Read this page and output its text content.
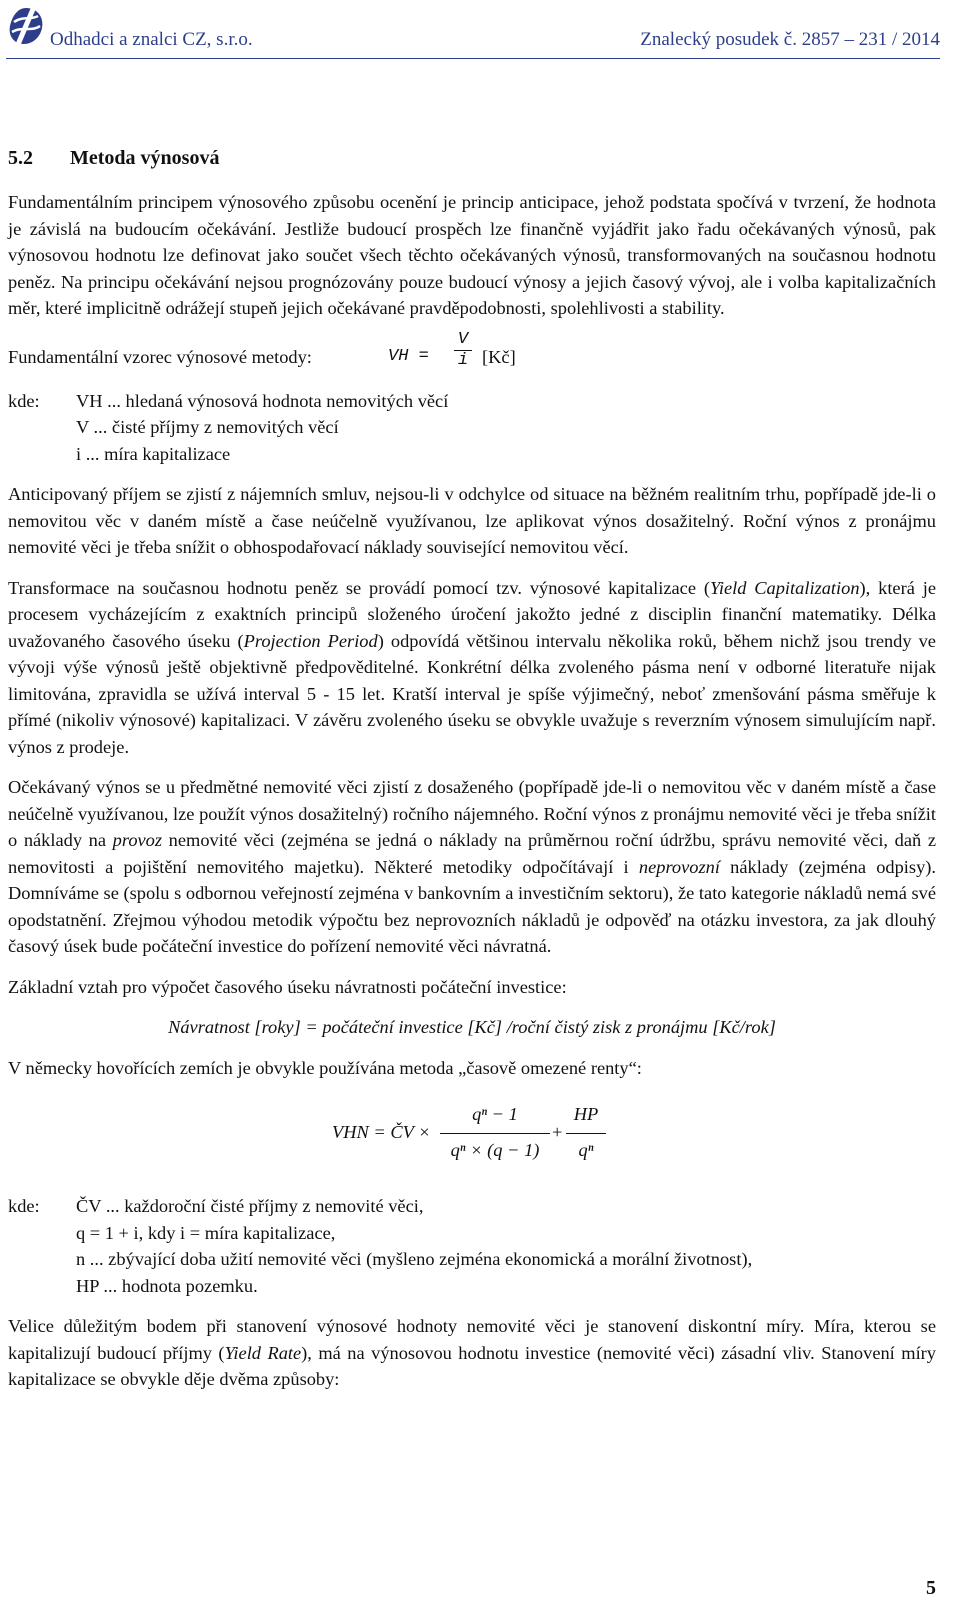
Odhadci a znalci CZ, s.r.o.	Znalecký posudek č. 2857 – 231 / 2014
5.2 Metoda výnosová

Fundamentálním principem výnosového způsobu ocenění je princip anticipace, jehož podstata spočívá v tvrzení, že hodnota je závislá na budoucím očekávání. Jestliže budoucí prospěch lze finančně vyjádřit jako řadu očekávaných výnosů, pak výnosovou hodnotu lze definovat jako součet všech těchto očekávaných výnosů, transformovaných na současnou hodnotu peněz. Na principu očekávání nejsou prognózovány pouze budoucí výnosy a jejich časový vývoj, ale i volba kapitalizačních měr, které implicitně odrážejí stupeň jejich očekávané pravděpodobnosti, spolehlivosti a stability.

Fundamentální vzorec výnosové metody:	VH =
V
i [Kč]
kde:	VH ... hledaná výnosová hodnota nemovitých věcí
V ... čisté příjmy z nemovitých věcí
i ... míra kapitalizace

Anticipovaný příjem se zjistí z nájemních smluv, nejsou-li v odchylce od situace na běžném realitním trhu, popřípadě jde-li o nemovitou věc v daném místě a čase neúčelně využívanou, lze aplikovat výnos dosažitelný. Roční výnos z pronájmu nemovité věci je třeba snížit o obhospodařovací náklady související nemovitou věcí.

Transformace na současnou hodnotu peněz se provádí pomocí tzv. výnosové kapitalizace (Yield Capitalization), která je procesem vycházejícím z exaktních principů složeného úročení jakožto jedné z disciplin finanční matematiky. Délka uvažovaného časového úseku (Projection Period) odpovídá většinou intervalu několika roků, během nichž jsou trendy ve vývoji výše výnosů ještě objektivně předpověditelné. Konkrétní délka zvoleného pásma není v odborné literatuře nijak limitována, zpravidla se užívá interval 5 - 15 let. Kratší interval je spíše výjimečný, neboť zmenšování pásma směřuje k přímé (nikoliv výnosové) kapitalizaci. V závěru zvoleného úseku se obvykle uvažuje s reverzním výnosem simulujícím např. výnos z prodeje.

Očekávaný výnos se u předmětné nemovité věci zjistí z dosaženého (popřípadě jde-li o nemovitou věc v daném místě a čase neúčelně využívanou, lze použít výnos dosažitelný) ročního nájemného. Roční výnos z pronájmu nemovité věci je třeba snížit o náklady na provoz nemovité věci (zejména se jedná o náklady na průměrnou roční údržbu, správu nemovité věci, daň z nemovitosti a pojištění nemovitého majetku). Některé metodiky odpočítávají i neprovozní náklady (zejména odpisy). Domníváme se (spolu s odbornou veřejností zejména v bankovním a investičním sektoru), že tato kategorie nákladů nemá své opodstatnění. Zřejmou výhodou metodik výpočtu bez neprovozních nákladů je odpověď na otázku investora, za jak dlouhý časový úsek bude počáteční investice do pořízení nemovité věci návratná.

Základní vztah pro výpočet časového úseku návratnosti počáteční investice:

Návratnost [roky] = počáteční investice [Kč] /roční čistý zisk z pronájmu [Kč/rok]

V německy hovořících zemích je obvykle používána metoda „časově omezené renty“:

VHN = ČV ×
qⁿ − 1
qⁿ × (q − 1)
+
HP
qⁿ
kde:	ČV ... každoroční čisté příjmy z nemovité věci,
q = 1 + i, kdy i = míra kapitalizace,
n ... zbývající doba užití nemovité věci (myšleno zejména ekonomická a morální životnost),
HP ... hodnota pozemku.

Velice důležitým bodem při stanovení výnosové hodnoty nemovité věci je stanovení diskontní míry. Míra, kterou se kapitalizují budoucí příjmy (Yield Rate), má na výnosovou hodnotu investice (nemovité věci) zásadní vliv. Stanovení míry kapitalizace se obvykle děje dvěma způsoby:

5
